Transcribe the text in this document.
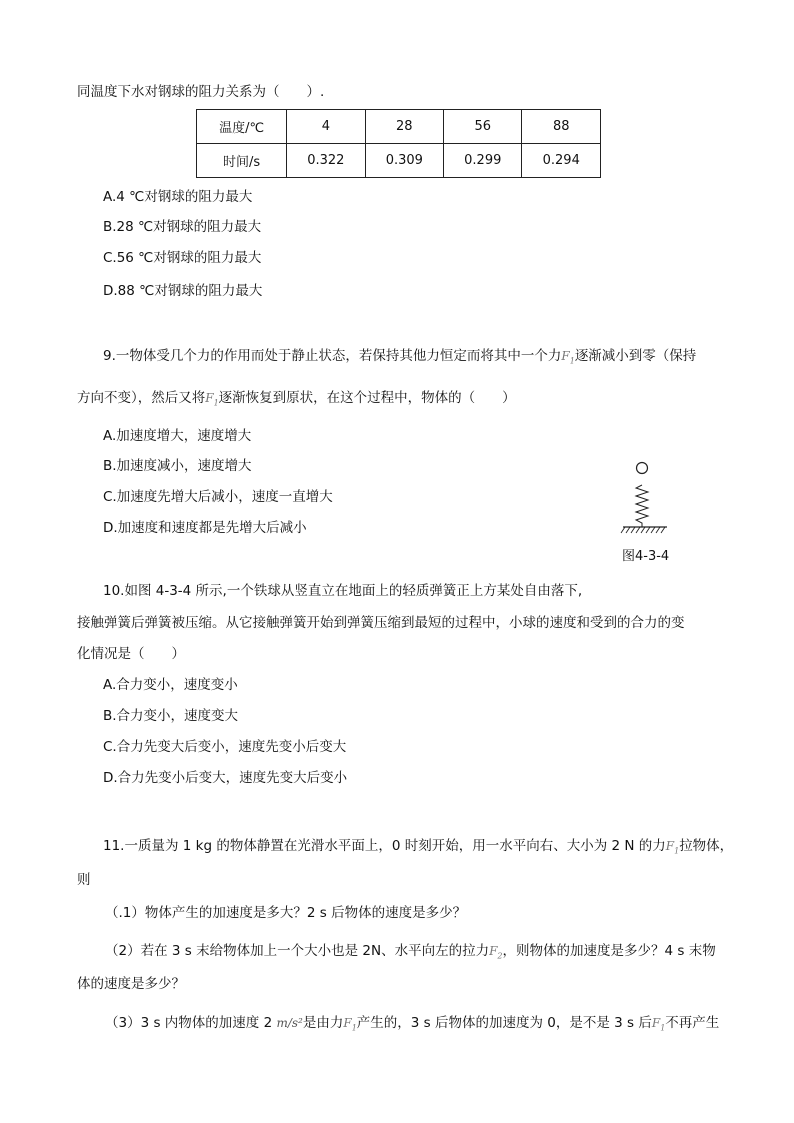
同温度下水对钢球的阻力关系为（　　）.
温度/℃	4	28	56	88
时间/s	0.322	0.309	0.299	0.294
A.4 ℃对钢球的阻力最大
B.28 ℃对钢球的阻力最大
C.56 ℃对钢球的阻力最大
D.88 ℃对钢球的阻力最大
9.一物体受几个力的作用而处于静止状态，若保持其他力恒定而将其中一个力$F_1$逐渐减小到零（保持
方向不变），然后又将$F_1$逐渐恢复到原状，在这个过程中，物体的（　　）
A.加速度增大，速度增大
B.加速度减小，速度增大
C.加速度先增大后减小，速度一直增大
D.加速度和速度都是先增大后减小
图4-3-4
10.如图 4-3-4 所示,一个铁球从竖直立在地面上的轻质弹簧正上方某处自由落下,
接触弹簧后弹簧被压缩。从它接触弹簧开始到弹簧压缩到最短的过程中，小球的速度和受到的合力的变
化情况是（　　）
A.合力变小，速度变小
B.合力变小，速度变大
C.合力先变大后变小，速度先变小后变大
D.合力先变小后变大，速度先变大后变小
11.一质量为 1 kg 的物体静置在光滑水平面上，0 时刻开始，用一水平向右、大小为 2 N 的力$F_1$拉物体，
则
（.1）物体产生的加速度是多大？2 s 后物体的速度是多少？
（2）若在 3 s 末给物体加上一个大小也是 2N、水平向左的拉力$F_2$，则物体的加速度是多少？4 s 末物
体的速度是多少？
（3）3 s 内物体的加速度 2 m/s²是由力$F_1$产生的，3 s 后物体的加速度为 0，是不是 3 s 后$F_1$不再产生
